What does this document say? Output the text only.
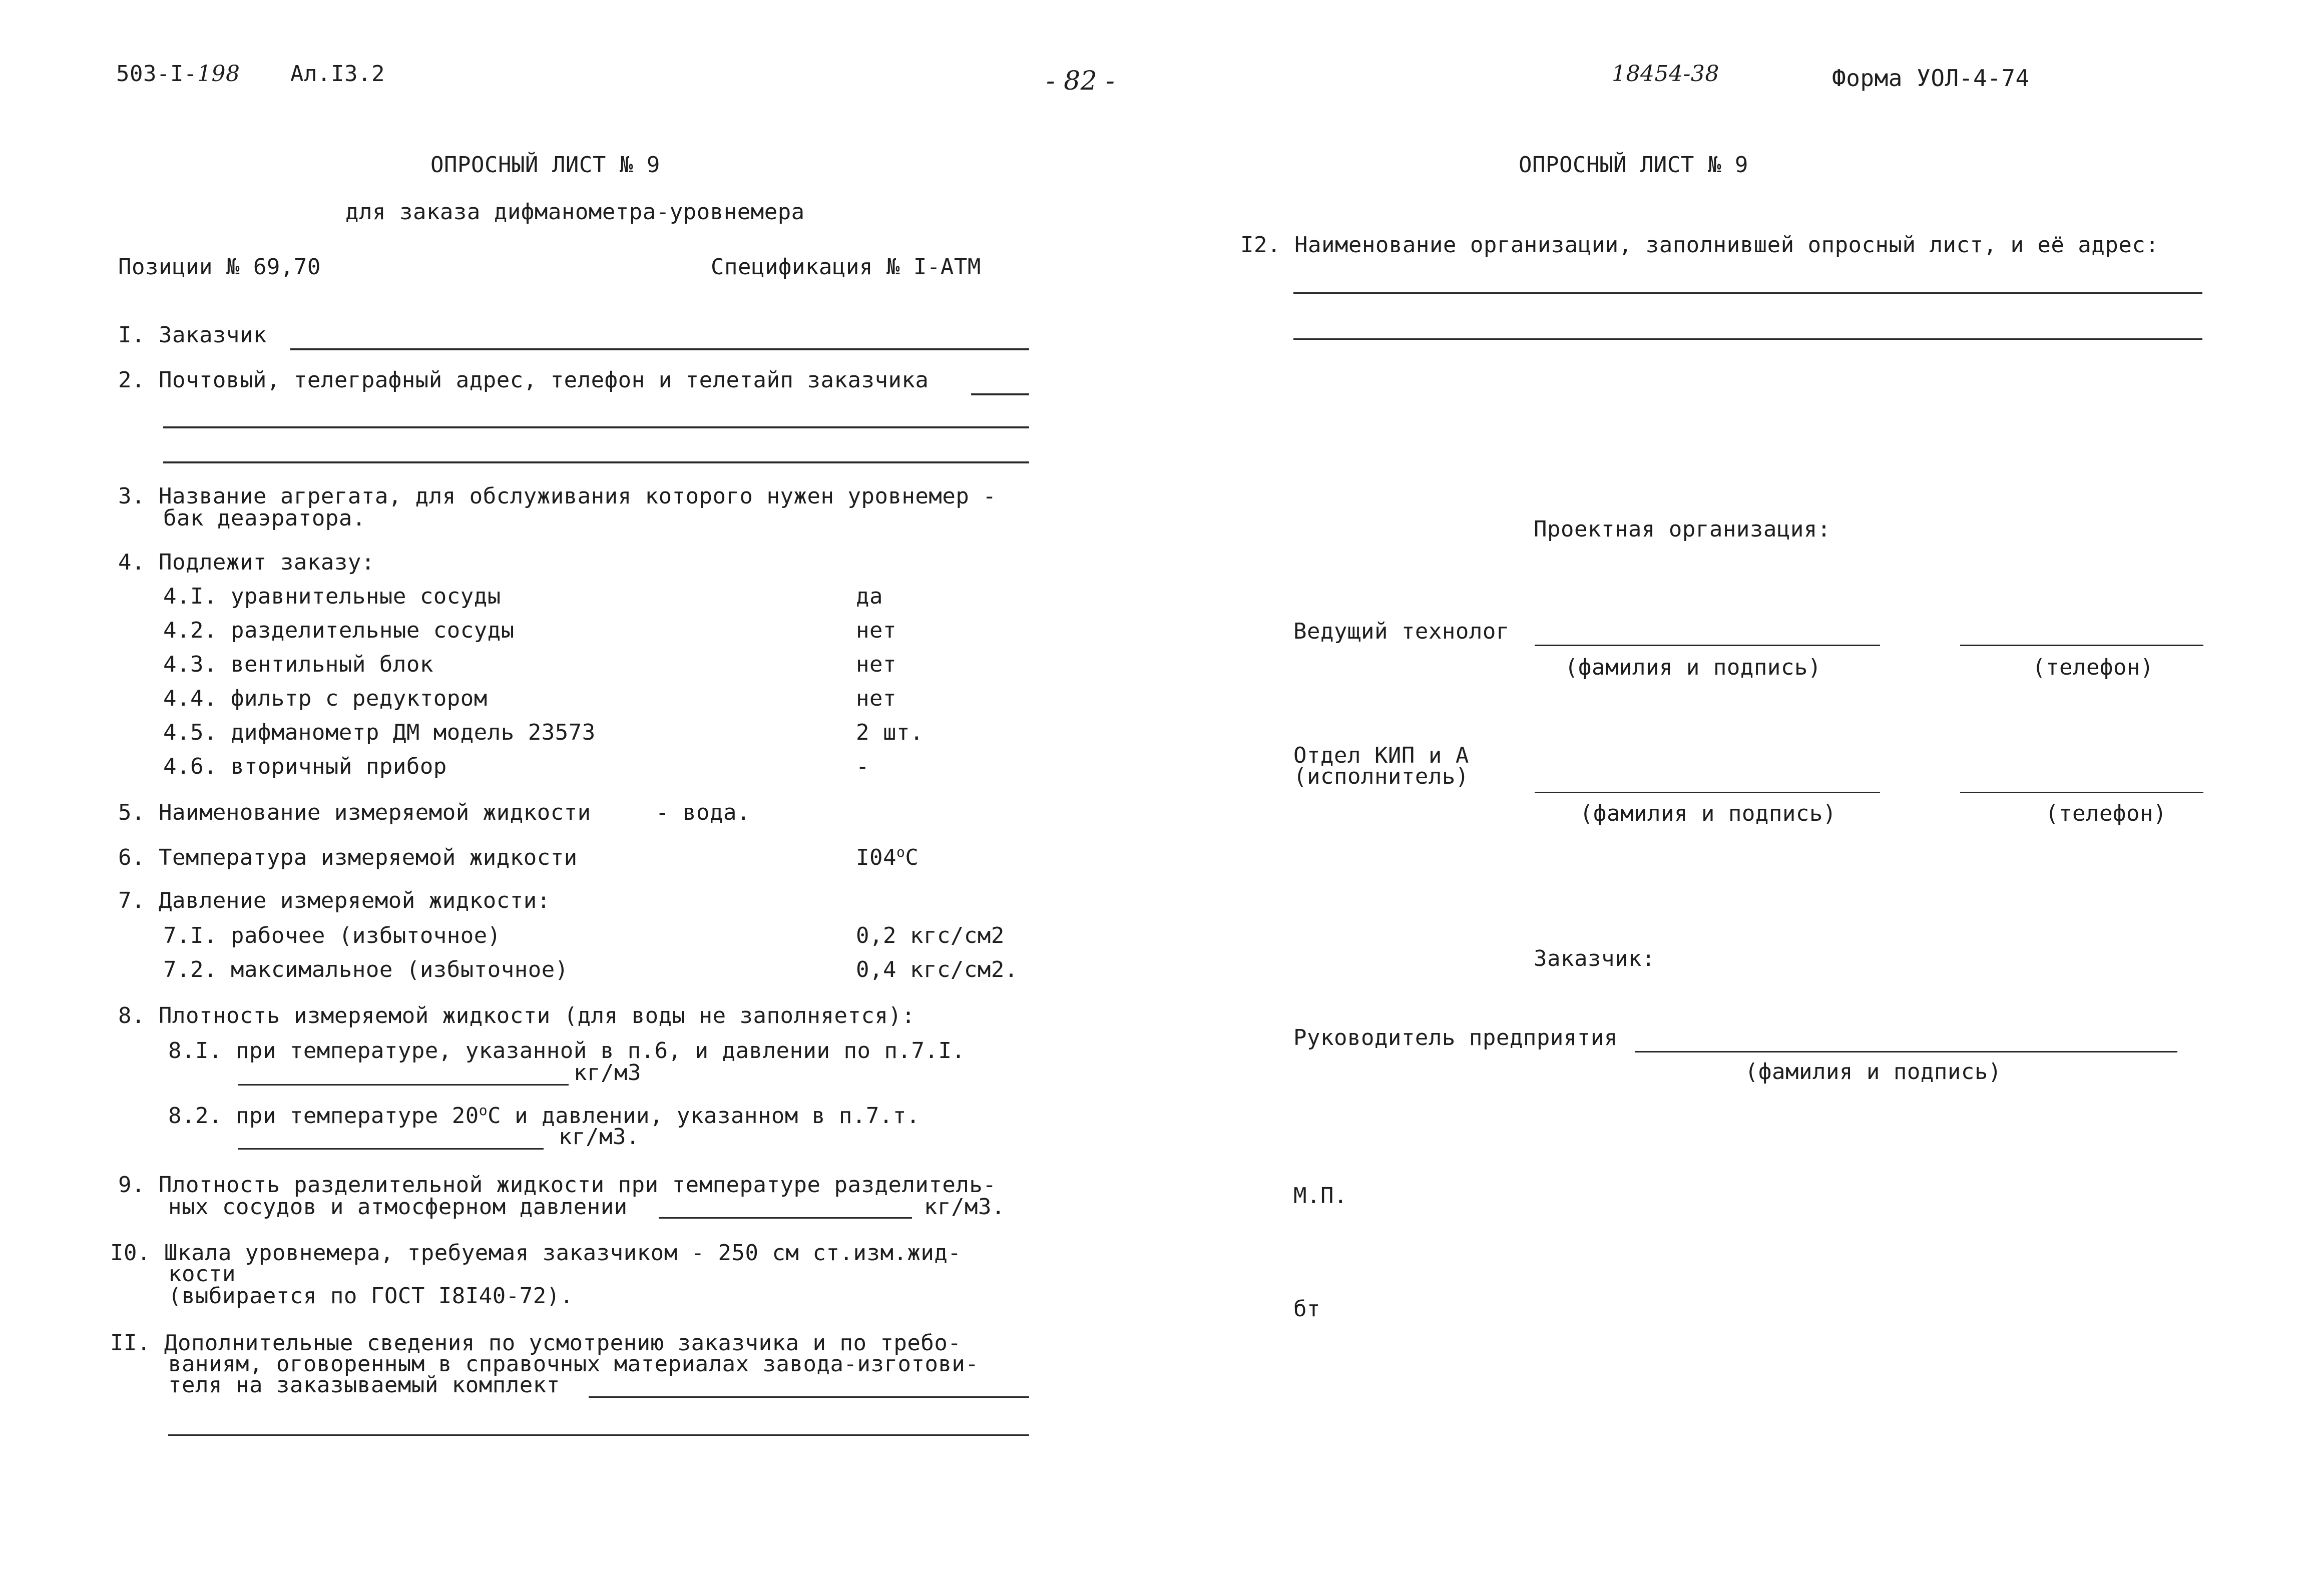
503-I-198 Ал.I3.2	- 82 -	18454-38	Форма УОЛ-4-74
ОПРОСНЫЙ ЛИСТ № 9
для заказа дифманометра-уровнемера
Позиции № 69,70	Спецификация № I-АТМ
I. Заказчик
2. Почтовый, телеграфный адрес, телефон и телетайп заказчика
3. Название агрегата, для обслуживания которого нужен уровнемер -
бак деаэратора.
4. Подлежит заказу:
4.I. уравнительные сосуды	да
4.2. разделительные сосуды	нет
4.3. вентильный блок	нет
4.4. фильтр с редуктором	нет
4.5. дифманометр ДМ модель 23573	2 шт.
4.6. вторичный прибор	-
5. Наименование измеряемой жидкости	- вода.
6. Температура измеряемой жидкости	$I04^оС$
7. Давление измеряемой жидкости:
7.I. рабочее (избыточное)	0,2 кгс/см2
7.2. максимальное (избыточное)	0,4 кгс/см2.
8. Плотность измеряемой жидкости (для воды не заполняется):
8.I. при температуре, указанной в п.6, и давлении по п.7.I.
кг/м3
8.2. при температуре $20^оС$ и давлении, указанном в п.7.т.
кг/м3.
9. Плотность разделительной жидкости при температуре разделитель-
ных сосудов и атмосферном давлении	кг/м3.
I0. Шкала уровнемера, требуемая заказчиком - 250 см ст.изм.жид-
кости
(выбирается по ГОСТ I8I40-72).
II. Дополнительные сведения по усмотрению заказчика и по требо-
ваниям, оговоренным в справочных материалах завода-изготови-
теля на заказываемый комплект
ОПРОСНЫЙ ЛИСТ № 9
I2. Наименование организации, заполнившей опросный лист, и её адрес:
Проектная организация:
Ведущий технолог
(фамилия и подпись)	(телефон)
Отдел КИП и А
(исполнитель)
(фамилия и подпись)	(телефон)
Заказчик:
Руководитель предприятия
(фамилия и подпись)
М.П.
бт
